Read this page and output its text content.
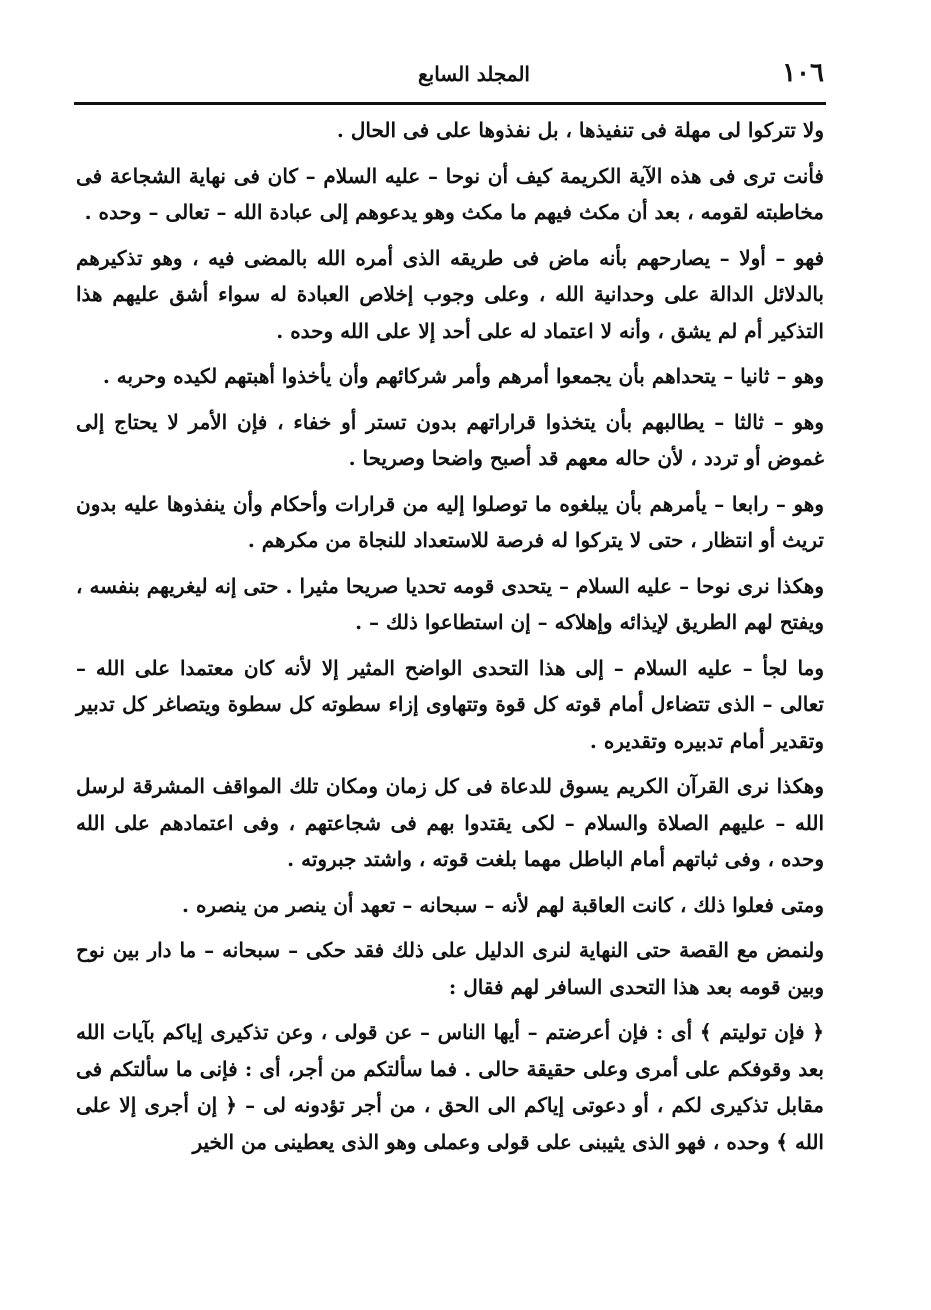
١٠٦
المجلد السابع

ولا تتركوا لى مهلة فى تنفيذها ، بل نفذوها على فى الحال .

فأنت ترى فى هذه الآية الكريمة كيف أن نوحا – عليه السلام – كان فى نهاية الشجاعة فى مخاطبته لقومه ، بعد أن مكث فيهم ما مكث وهو يدعوهم إلى عبادة الله – تعالى – وحده .

فهو – أولا – يصارحهم بأنه ماض فى طريقه الذى أمره الله بالمضى فيه ، وهو تذكيرهم بالدلائل الدالة على وحدانية الله ، وعلى وجوب إخلاص العبادة له سواء أشق عليهم هذا التذكير أم لم يشق ، وأنه لا اعتماد له على أحد إلا على الله وحده .

وهو – ثانيا – يتحداهم بأن يجمعوا أمرهم وأمر شركائهم وأن يأخذوا أهبتهم لكيده وحربه .

وهو – ثالثا – يطالبهم بأن يتخذوا قراراتهم بدون تستر أو خفاء ، فإن الأمر لا يحتاج إلى غموض أو تردد ، لأن حاله معهم قد أصبح واضحا وصريحا .

وهو – رابعا – يأمرهم بأن يبلغوه ما توصلوا إليه من قرارات وأحكام وأن ينفذوها عليه بدون تريث أو انتظار ، حتى لا يتركوا له فرصة للاستعداد للنجاة من مكرهم .

وهكذا نرى نوحا – عليه السلام – يتحدى قومه تحديا صريحا مثيرا . حتى إنه ليغريهم بنفسه ، ويفتح لهم الطريق لإيذائه وإهلاكه – إن استطاعوا ذلك – .

وما لجأ – عليه السلام – إلى هذا التحدى الواضح المثير إلا لأنه كان معتمدا على الله – تعالى – الذى تتضاءل أمام قوته كل قوة وتتهاوى إزاء سطوته كل سطوة ويتصاغر كل تدبير وتقدير أمام تدبيره وتقديره .

وهكذا نرى القرآن الكريم يسوق للدعاة فى كل زمان ومكان تلك المواقف المشرقة لرسل الله – عليهم الصلاة والسلام – لكى يقتدوا بهم فى شجاعتهم ، وفى اعتمادهم على الله وحده ، وفى ثباتهم أمام الباطل مهما بلغت قوته ، واشتد جبروته .

ومتى فعلوا ذلك ، كانت العاقبة لهم لأنه – سبحانه – تعهد أن ينصر من ينصره .

ولنمض مع القصة حتى النهاية لنرى الدليل على ذلك فقد حكى – سبحانه – ما دار بين نوح وبين قومه بعد هذا التحدى السافر لهم فقال :

﴿ فإن توليتم ﴾ أى : فإن أعرضتم – أيها الناس – عن قولى ، وعن تذكيرى إياكم بآيات الله بعد وقوفكم على أمرى وعلى حقيقة حالى . فما سألتكم من أجر، أى : فإنى ما سألتكم فى مقابل تذكيرى لكم ، أو دعوتى إياكم الى الحق ، من أجر تؤدونه لى – ﴿ إن أجرى إلا على الله ﴾ وحده ، فهو الذى يثيبنى على قولى وعملى وهو الذى يعطينى من الخير
